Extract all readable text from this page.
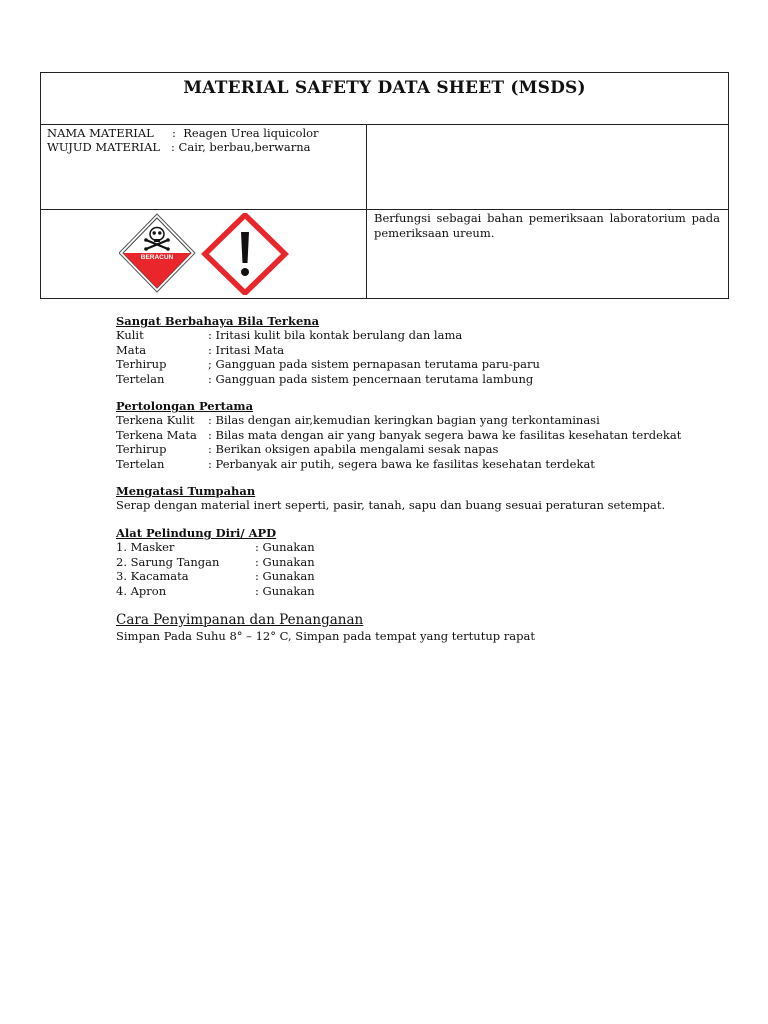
MATERIAL SAFETY DATA SHEET (MSDS)	

NAMA MATERIAL     :  Reagen Urea liquicolor
WUJUD MATERIAL   : Cair, berbau,berwarna	

BERACUN	Berfungsi sebagai bahan pemeriksaan laboratorium pada pemeriksaan ureum.
Sangat Berbahaya Bila Terkena
Kulit	: Iritasi kulit bila kontak berulang dan lama
Mata	: Iritasi Mata
Terhirup	; Gangguan pada sistem pernapasan terutama paru-paru
Tertelan	: Gangguan pada sistem pencernaan terutama lambung
Pertolongan Pertama
Terkena Kulit	: Bilas dengan air,kemudian keringkan bagian yang terkontaminasi
Terkena Mata : Bilas mata dengan air yang banyak segera bawa ke fasilitas kesehatan terdekat
Terhirup	: Berikan oksigen apabila mengalami sesak napas
Tertelan	: Perbanyak air putih, segera bawa ke fasilitas kesehatan terdekat
Mengatasi Tumpahan
Serap dengan material inert seperti, pasir, tanah, sapu dan buang sesuai peraturan setempat.
Alat Pelindung Diri/ APD
1. Masker	: Gunakan
2. Sarung Tangan	: Gunakan
3. Kacamata	: Gunakan
4. Apron	: Gunakan
Cara Penyimpanan dan Penanganan
Simpan Pada Suhu 8° – 12° C, Simpan pada tempat yang tertutup rapat
